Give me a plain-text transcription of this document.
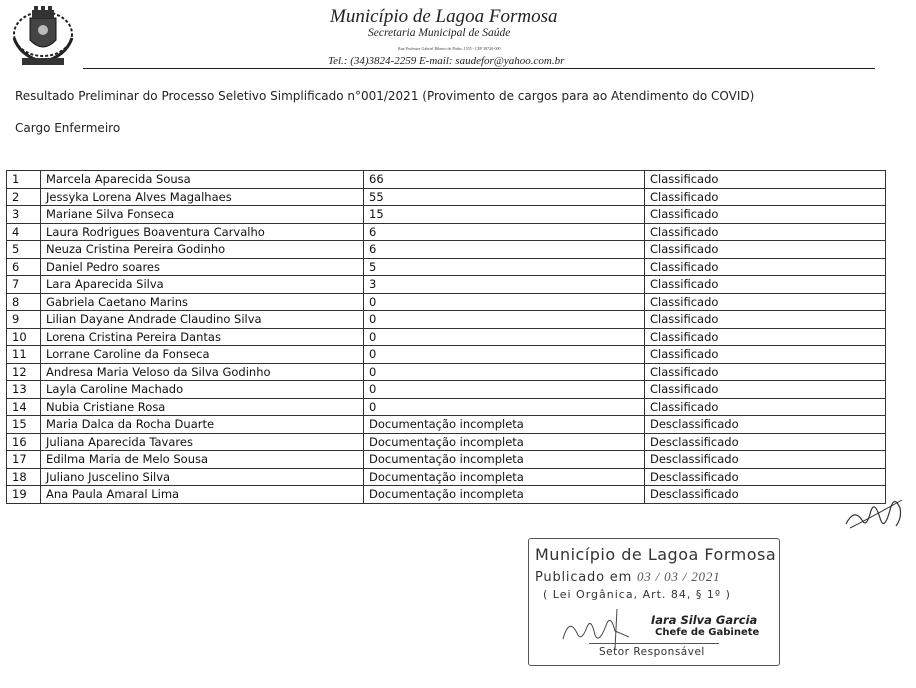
Município de Lagoa Formosa
Secretaria Municipal de Saúde
Rua Professor Gabriel Ribeiro de Pinho, 1555 - CEP 38720-000
Tel.: (34)3824-2259 E-mail: saudefor@yahoo.com.br
Resultado Preliminar do Processo Seletivo Simplificado n°001/2021 (Provimento de cargos para ao Atendimento do COVID)
Cargo Enfermeiro
1	Marcela Aparecida Sousa	66	Classificado
2	Jessyka Lorena Alves Magalhaes	55	Classificado
3	Mariane Silva Fonseca	15	Classificado
4	Laura Rodrigues Boaventura Carvalho	6	Classificado
5	Neuza Cristina Pereira Godinho	6	Classificado
6	Daniel Pedro soares	5	Classificado
7	Lara Aparecida Silva	3	Classificado
8	Gabriela Caetano Marins	0	Classificado
9	Lilian Dayane Andrade Claudino Silva	0	Classificado
10	Lorena Cristina Pereira Dantas	0	Classificado
11	Lorrane Caroline da Fonseca	0	Classificado
12	Andresa Maria Veloso da Silva Godinho	0	Classificado
13	Layla Caroline Machado	0	Classificado
14	Nubia Cristiane Rosa	0	Classificado
15	Maria Dalca da Rocha Duarte	Documentação incompleta	Desclassificado
16	Juliana Aparecida Tavares	Documentação incompleta	Desclassificado
17	Edilma Maria de Melo Sousa	Documentação incompleta	Desclassificado
18	Juliano Juscelino Silva	Documentação incompleta	Desclassificado
19	Ana Paula Amaral Lima	Documentação incompleta	Desclassificado
Município de Lagoa Formosa
Publicado em 03 / 03 / 2021
( Lei Orgânica, Art. 84, § 1º )
Iara Silva Garcia
Chefe de Gabinete
Setor Responsável
